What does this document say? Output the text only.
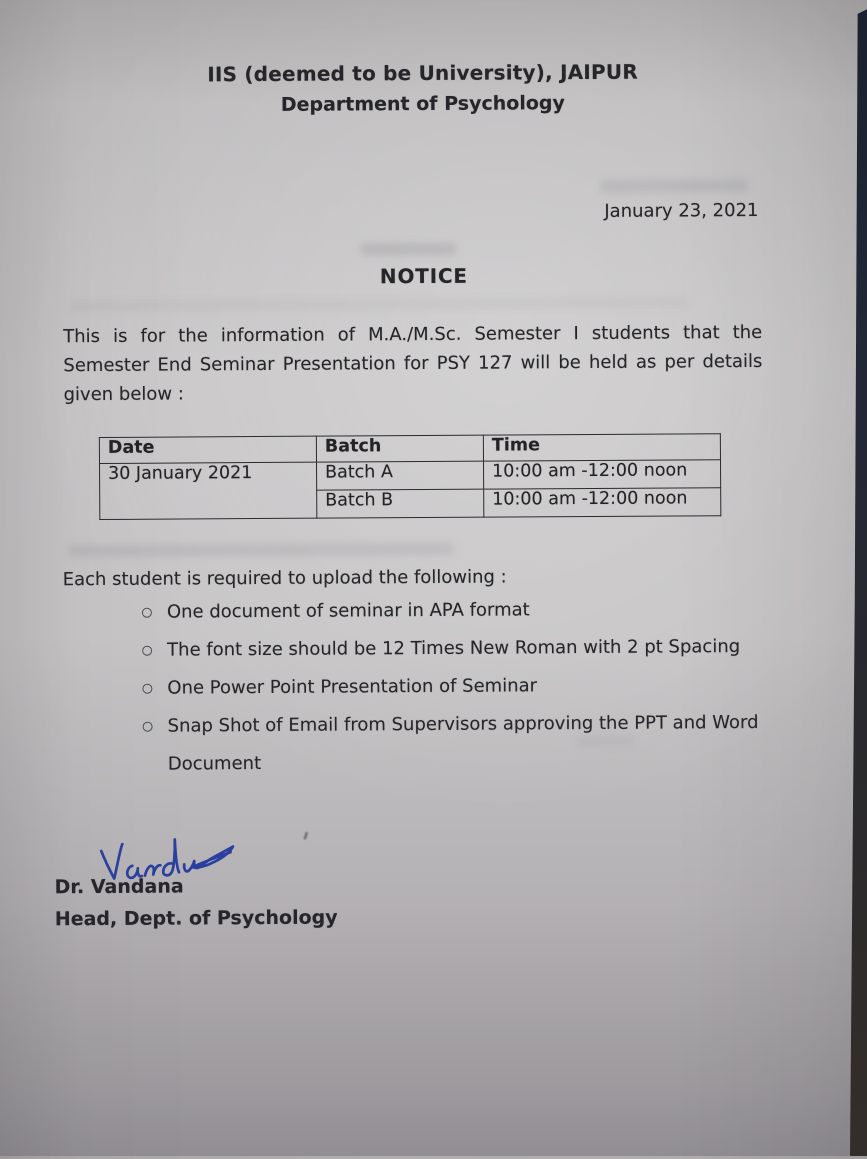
IIS (deemed to be University), JAIPUR
Department of Psychology
January 23, 2021
NOTICE
This is for the information of M.A./M.Sc. Semester I students that the
Semester End Seminar Presentation for PSY 127 will be held as per details
given below :
Date	Batch	Time
30 January 2021	Batch A	10:00 am -12:00 noon
	Batch B	10:00 am -12:00 noon
Each student is required to upload the following :
One document of seminar in APA format
The font size should be 12 Times New Roman with 2 pt Spacing
One Power Point Presentation of Seminar
Snap Shot of Email from Supervisors approving the PPT and Word Document
Dr. Vandana
Head, Dept. of Psychology
